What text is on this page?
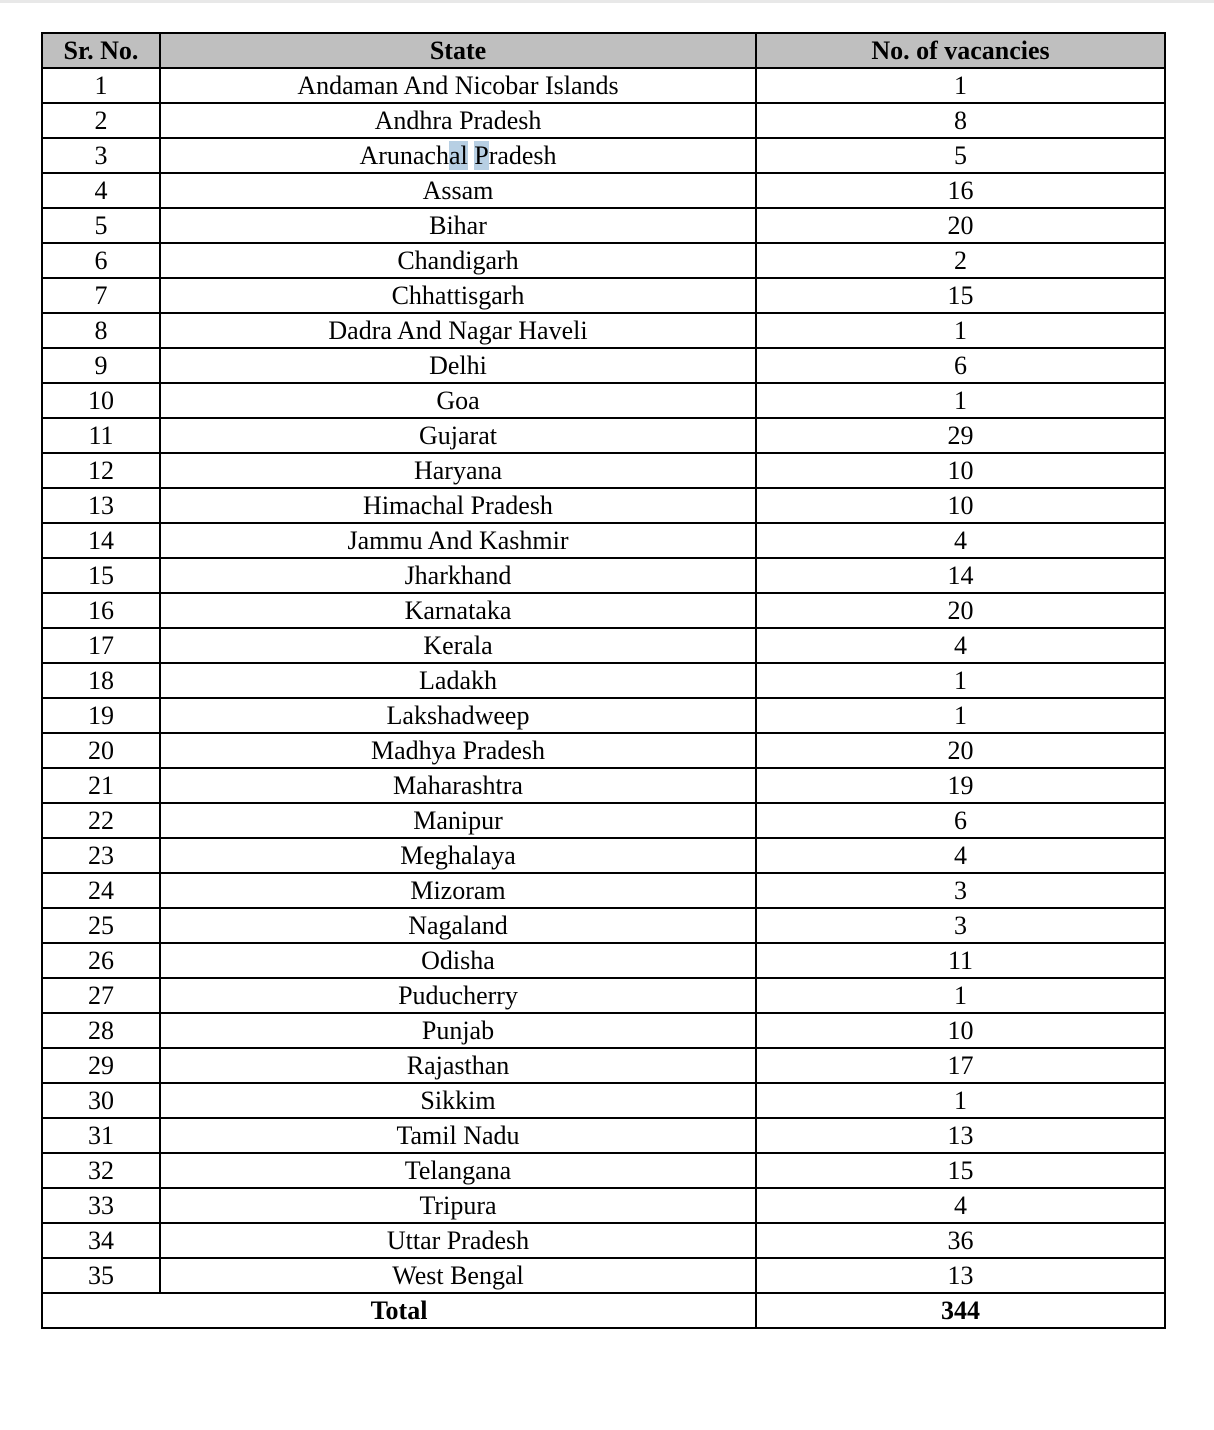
Sr. No.	State	No. of vacancies
1	Andaman And Nicobar Islands	1
2	Andhra Pradesh	8
3	Arunachal Pradesh	5
4	Assam	16
5	Bihar	20
6	Chandigarh	2
7	Chhattisgarh	15
8	Dadra And Nagar Haveli	1
9	Delhi	6
10	Goa	1
11	Gujarat	29
12	Haryana	10
13	Himachal Pradesh	10
14	Jammu And Kashmir	4
15	Jharkhand	14
16	Karnataka	20
17	Kerala	4
18	Ladakh	1
19	Lakshadweep	1
20	Madhya Pradesh	20
21	Maharashtra	19
22	Manipur	6
23	Meghalaya	4
24	Mizoram	3
25	Nagaland	3
26	Odisha	11
27	Puducherry	1
28	Punjab	10
29	Rajasthan	17
30	Sikkim	1
31	Tamil Nadu	13
32	Telangana	15
33	Tripura	4
34	Uttar Pradesh	36
35	West Bengal	13
Total		344
